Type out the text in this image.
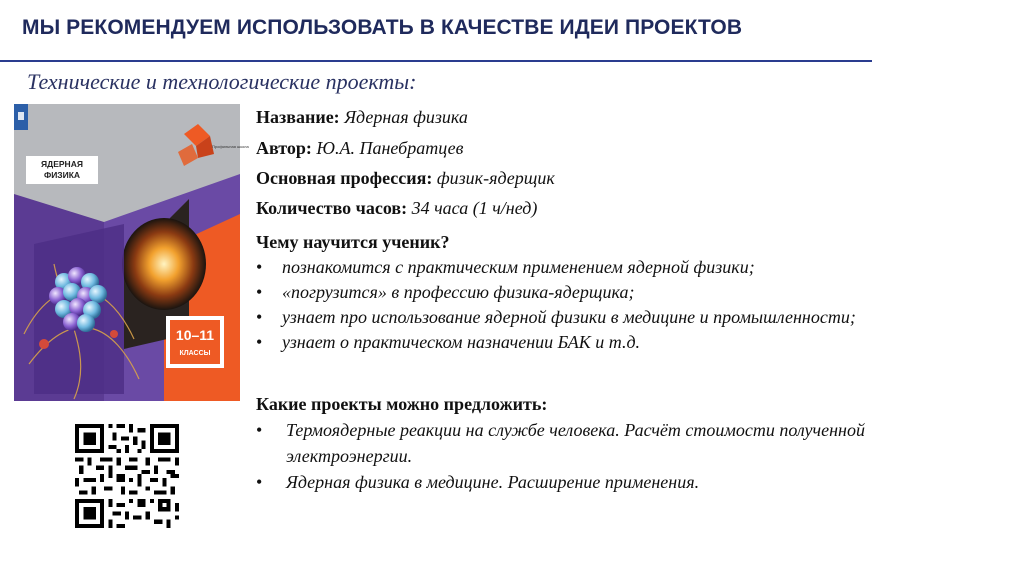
МЫ РЕКОМЕНДУЕМ ИСПОЛЬЗОВАТЬ В КАЧЕСТВЕ ИДЕИ ПРОЕКТОВ
Технические и технологические проекты:
ЯДЕРНАЯ
ФИЗИКА
Профильная школа
10–11
КЛАССЫ
Название: Ядерная физика
Автор: Ю.А. Панебратцев
Основная профессия: физик-ядерщик
Количество часов: 34 часа (1 ч/нед)
Чему научится ученик?
• познакомится с практическим применением ядерной физики;
• «погрузится» в профессию физика-ядерщика;
• узнает про использование ядерной физики в медицине и промышленности;
• узнает о практическом назначении БАК и т.д.
Какие проекты можно предложить:
• Термоядерные реакции на службе человека. Расчёт стоимости полученной электроэнергии.
• Ядерная физика в медицине. Расширение применения.
